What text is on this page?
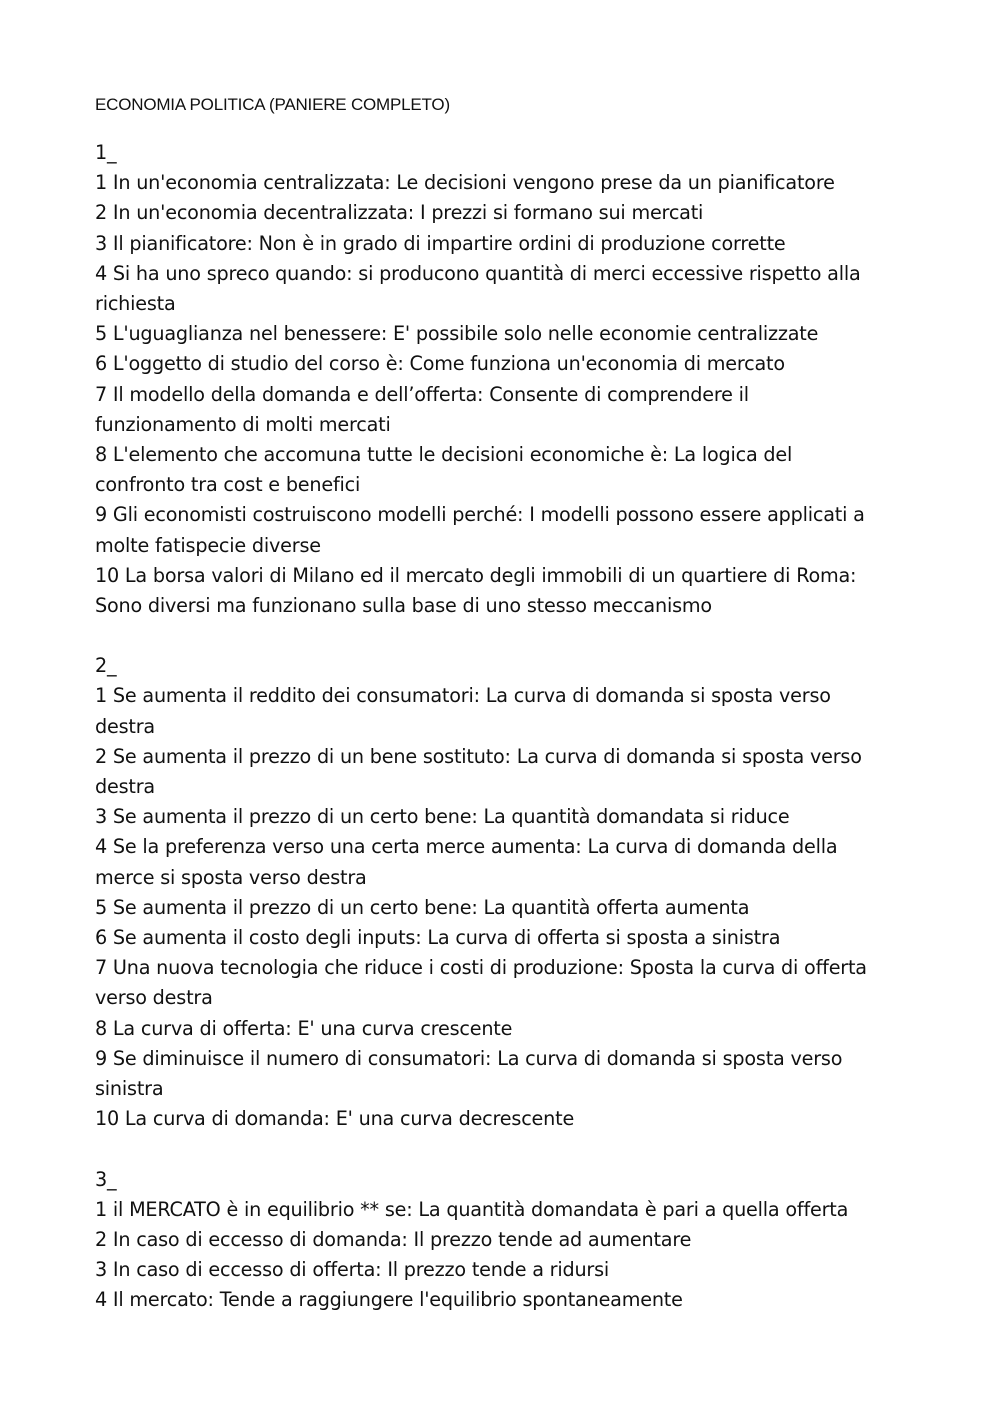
ECONOMIA POLITICA (PANIERE COMPLETO)
1_
1 In un'economia centralizzata: Le decisioni vengono prese da un pianificatore
2 In un'economia decentralizzata: I prezzi si formano sui mercati
3 Il pianificatore: Non è in grado di impartire ordini di produzione corrette
4 Si ha uno spreco quando: si producono quantità di merci eccessive rispetto alla
richiesta
5 L'uguaglianza nel benessere: E' possibile solo nelle economie centralizzate
6 L'oggetto di studio del corso è: Come funziona un'economia di mercato
7 Il modello della domanda e dell’offerta: Consente di comprendere il
funzionamento di molti mercati
8 L'elemento che accomuna tutte le decisioni economiche è: La logica del
confronto tra cost e benefici
9 Gli economisti costruiscono modelli perché: I modelli possono essere applicati a
molte fatispecie diverse
10 La borsa valori di Milano ed il mercato degli immobili di un quartiere di Roma:
Sono diversi ma funzionano sulla base di uno stesso meccanismo
2_
1 Se aumenta il reddito dei consumatori: La curva di domanda si sposta verso
destra
2 Se aumenta il prezzo di un bene sostituto: La curva di domanda si sposta verso
destra
3 Se aumenta il prezzo di un certo bene: La quantità domandata si riduce
4 Se la preferenza verso una certa merce aumenta: La curva di domanda della
merce si sposta verso destra
5 Se aumenta il prezzo di un certo bene: La quantità offerta aumenta
6 Se aumenta il costo degli inputs: La curva di offerta si sposta a sinistra
7 Una nuova tecnologia che riduce i costi di produzione: Sposta la curva di offerta
verso destra
8 La curva di offerta: E' una curva crescente
9 Se diminuisce il numero di consumatori: La curva di domanda si sposta verso
sinistra
10 La curva di domanda: E' una curva decrescente
3_
1 il MERCATO è in equilibrio ** se: La quantità domandata è pari a quella offerta
2 In caso di eccesso di domanda: Il prezzo tende ad aumentare
3 In caso di eccesso di offerta: Il prezzo tende a ridursi
4 Il mercato: Tende a raggiungere l'equilibrio spontaneamente
